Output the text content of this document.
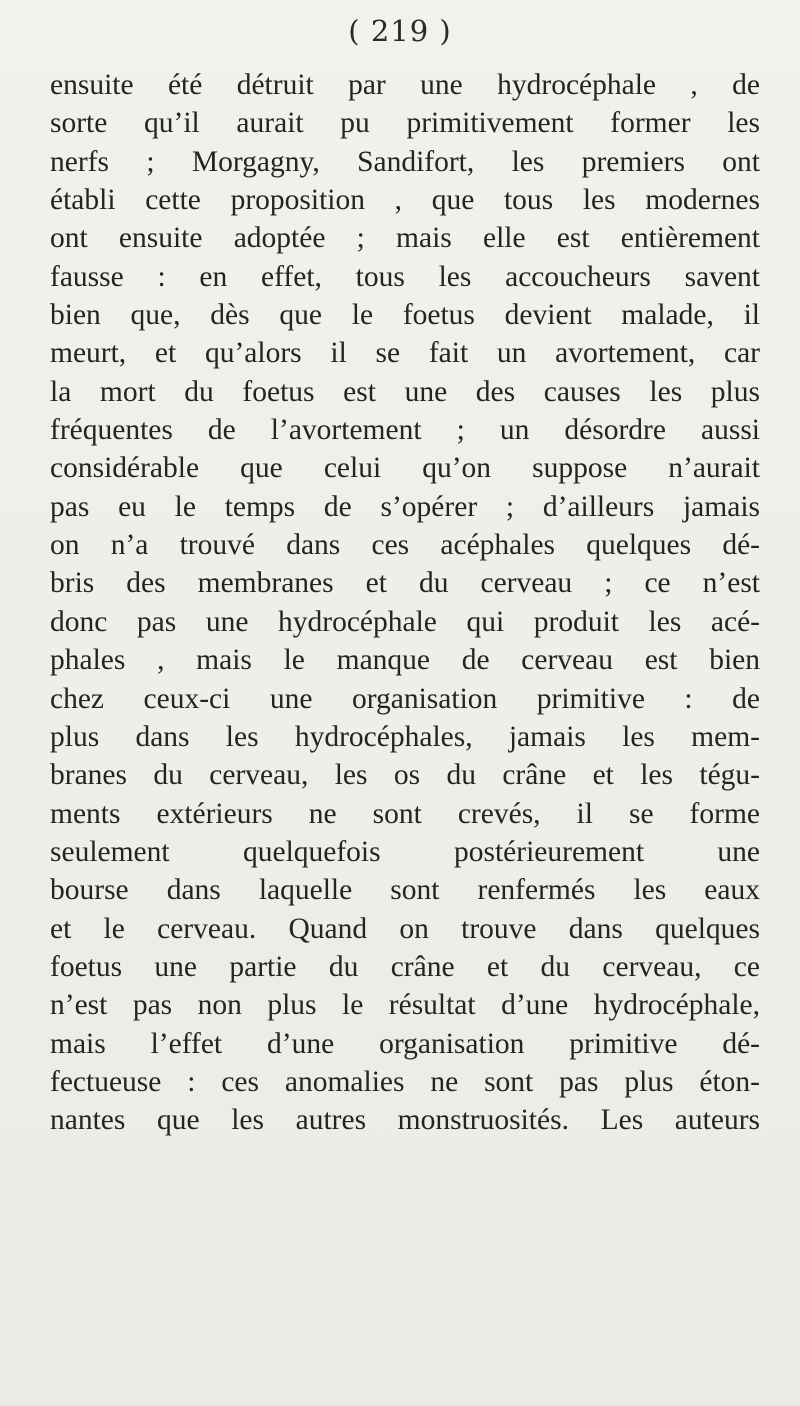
( 219 )
ensuite été détruit par une hydrocéphale , de
sorte qu’il aurait pu primitivement former les
nerfs ; Morgagny, Sandifort, les premiers ont
établi cette proposition , que tous les modernes
ont ensuite adoptée ; mais elle est entièrement
fausse : en effet, tous les accoucheurs savent
bien que, dès que le foetus devient malade, il
meurt, et qu’alors il se fait un avortement, car
la mort du foetus est une des causes les plus
fréquentes de l’avortement ; un désordre aussi
considérable que celui qu’on suppose n’aurait
pas eu le temps de s’opérer ; d’ailleurs jamais
on n’a trouvé dans ces acéphales quelques dé-
bris des membranes et du cerveau ; ce n’est
donc pas une hydrocéphale qui produit les acé-
phales , mais le manque de cerveau est bien
chez ceux-ci une organisation primitive : de
plus dans les hydrocéphales, jamais les mem-
branes du cerveau, les os du crâne et les tégu-
ments extérieurs ne sont crevés, il se forme
seulement quelquefois postérieurement une
bourse dans laquelle sont renfermés les eaux
et le cerveau. Quand on trouve dans quelques
foetus une partie du crâne et du cerveau, ce
n’est pas non plus le résultat d’une hydrocéphale,
mais l’effet d’une organisation primitive dé-
fectueuse : ces anomalies ne sont pas plus éton-
nantes que les autres monstruosités. Les auteurs
